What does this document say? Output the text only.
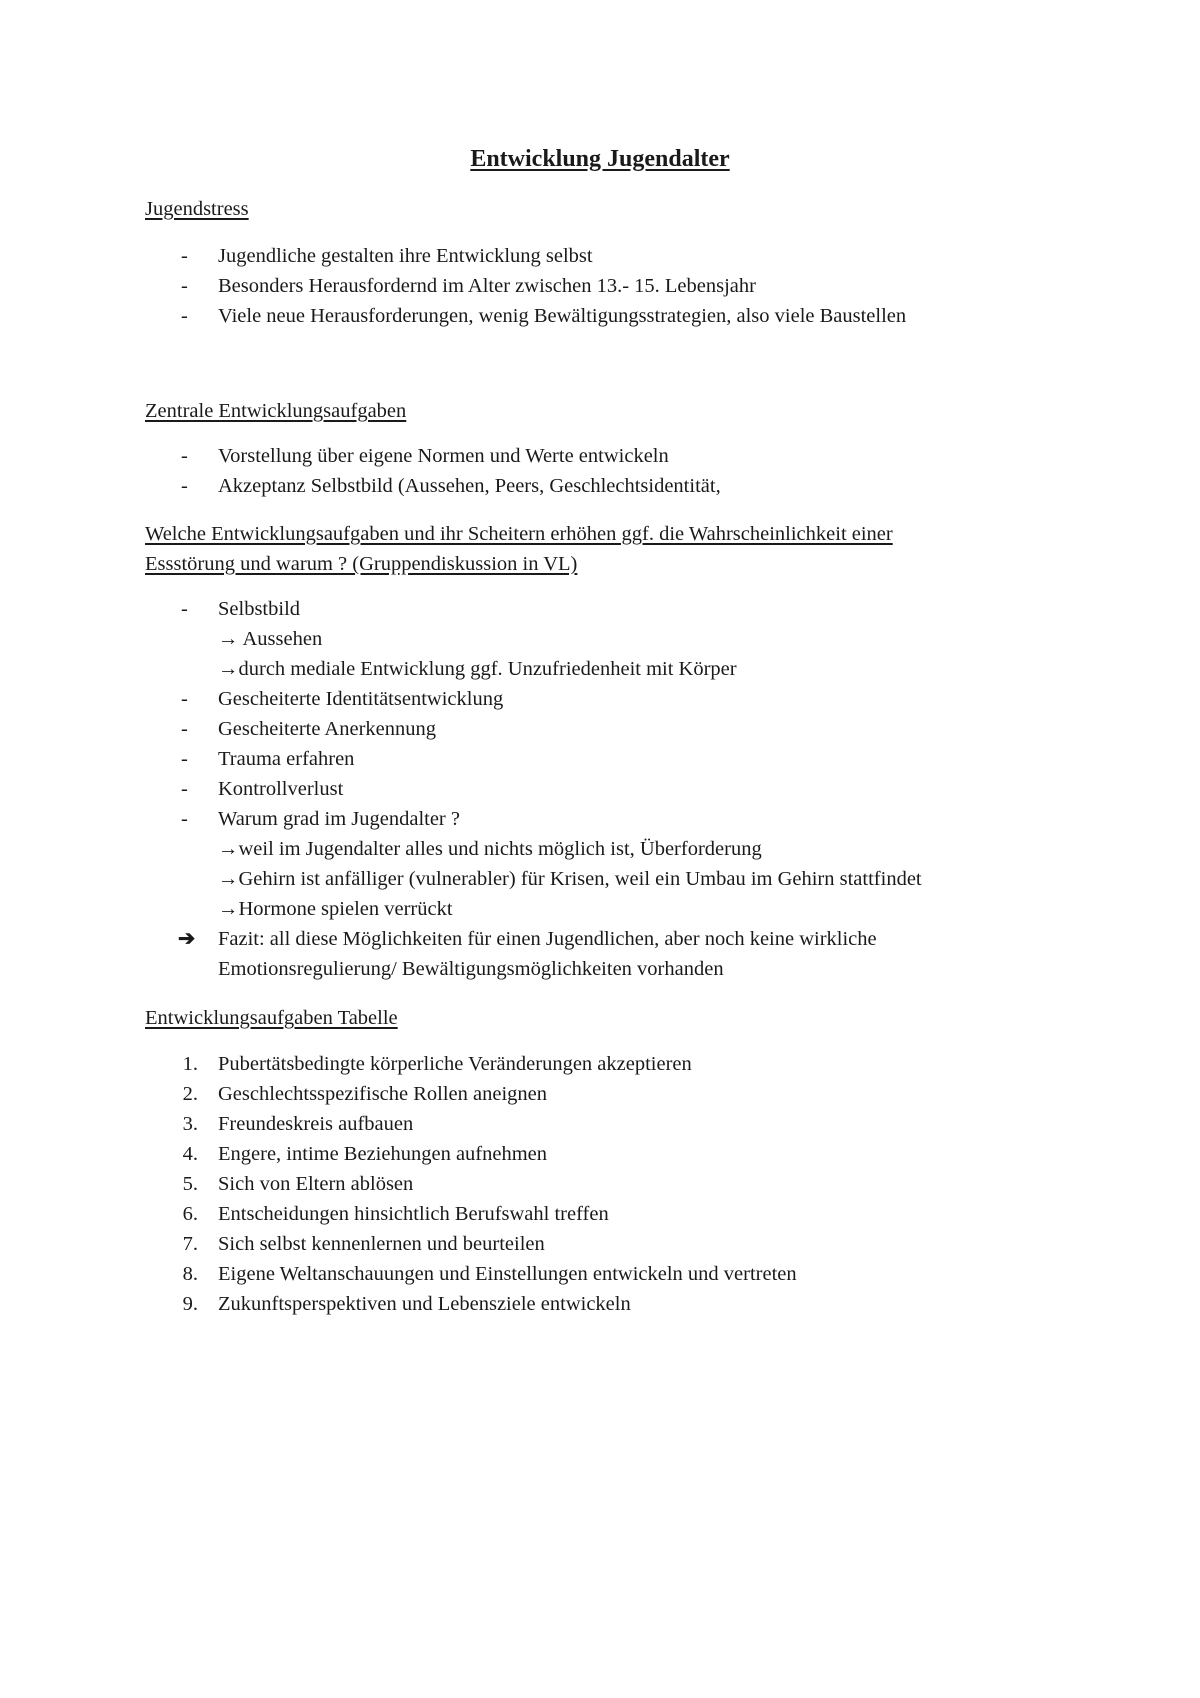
Entwicklung Jugendalter
Jugendstress
- Jugendliche gestalten ihre Entwicklung selbst
- Besonders Herausfordernd im Alter zwischen 13.- 15. Lebensjahr
- Viele neue Herausforderungen, wenig Bewältigungsstrategien, also viele Baustellen
Zentrale Entwicklungsaufgaben
- Vorstellung über eigene Normen und Werte entwickeln
- Akzeptanz Selbstbild (Aussehen, Peers, Geschlechtsidentität,
Welche Entwicklungsaufgaben und ihr Scheitern erhöhen ggf. die Wahrscheinlichkeit einer
Essstörung und warum ? (Gruppendiskussion in VL)
- Selbstbild
→ Aussehen
→durch mediale Entwicklung ggf. Unzufriedenheit mit Körper
- Gescheiterte Identitätsentwicklung
- Gescheiterte Anerkennung
- Trauma erfahren
- Kontrollverlust
- Warum grad im Jugendalter ?
→weil im Jugendalter alles und nichts möglich ist, Überforderung
→Gehirn ist anfälliger (vulnerabler) für Krisen, weil ein Umbau im Gehirn stattfindet
→Hormone spielen verrückt
➔ Fazit: all diese Möglichkeiten für einen Jugendlichen, aber noch keine wirkliche
Emotionsregulierung/ Bewältigungsmöglichkeiten vorhanden
Entwicklungsaufgaben Tabelle
1. Pubertätsbedingte körperliche Veränderungen akzeptieren
2. Geschlechtsspezifische Rollen aneignen
3. Freundeskreis aufbauen
4. Engere, intime Beziehungen aufnehmen
5. Sich von Eltern ablösen
6. Entscheidungen hinsichtlich Berufswahl treffen
7. Sich selbst kennenlernen und beurteilen
8. Eigene Weltanschauungen und Einstellungen entwickeln und vertreten
9. Zukunftsperspektiven und Lebensziele entwickeln
